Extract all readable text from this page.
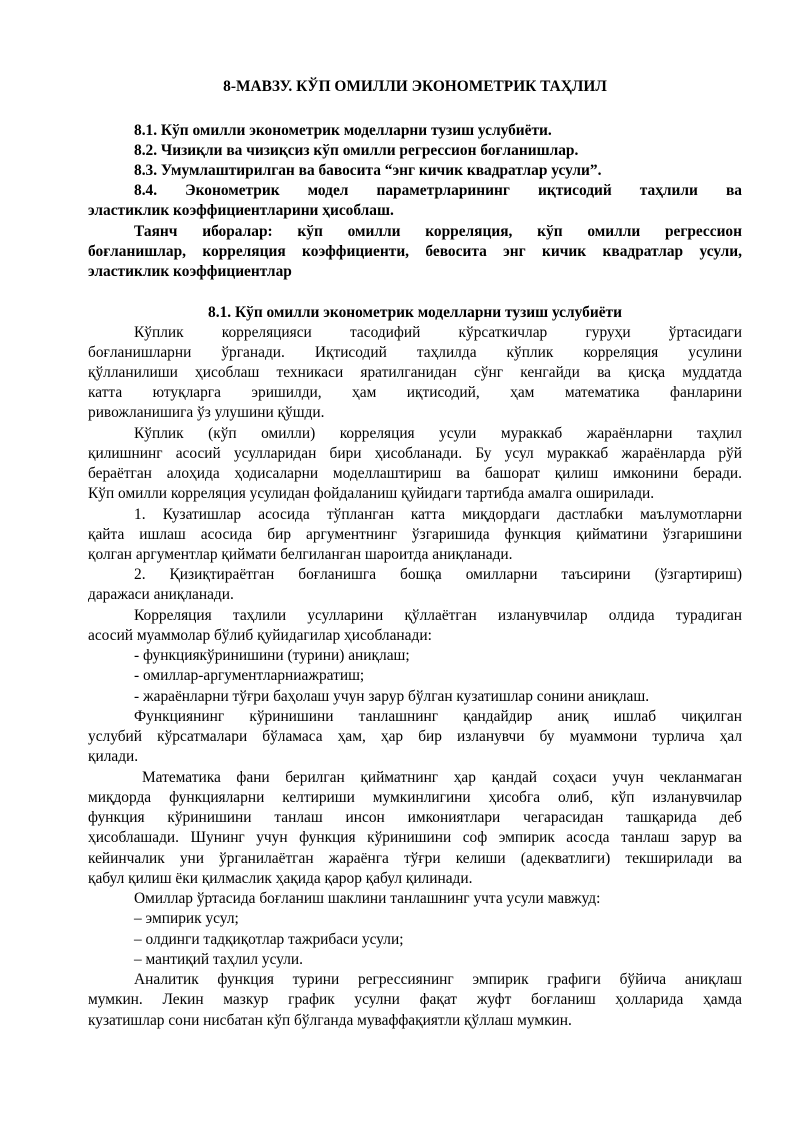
8-МАВЗУ. КЎП ОМИЛЛИ ЭКОНОМЕТРИК ТАҲЛИЛ
8.1. Кўп омилли эконометрик моделларни тузиш услубиёти.
8.2. Чизиқли ва чизиқсиз кўп омилли регрессион боғланишлар.
8.3. Умумлаштирилган ва бавосита “энг кичик квадратлар усули”.
8.4. Эконометрик модел параметрларининг иқтисодий таҳлили ва
эластиклик коэффициентларини ҳисоблаш.
Таянч иборалар: кўп омилли корреляция, кўп омилли регрессион
боғланишлар, корреляция коэффициенти, бевосита энг кичик квадратлар усули,
эластиклик коэффициентлар
8.1. Кўп омилли эконометрик моделларни тузиш услубиёти
Кўплик корреляцияси тасодифий кўрсаткичлар гуруҳи ўртасидаги
боғланишларни ўрганади. Иқтисодий таҳлилда кўплик корреляция усулини
қўлланилиши ҳисоблаш техникаси яратилганидан сўнг кенгайди ва қисқа муддатда
катта ютуқларга эришилди, ҳам иқтисодий, ҳам математика фанларини
ривожланишига ўз улушини қўшди.
Кўплик (кўп омилли) корреляция усули мураккаб жараёнларни таҳлил
қилишнинг асосий усулларидан бири ҳисобланади. Бу усул мураккаб жараёнларда рўй
бераётган алоҳида ҳодисаларни моделлаштириш ва башорат қилиш имконини беради.
Кўп омилли корреляция усулидан фойдаланиш қуйидаги тартибда амалга оширилади.
1. Кузатишлар асосида тўпланган катта миқдордаги дастлабки маълумотларни
қайта ишлаш асосида бир аргументнинг ўзгаришида функция қийматини ўзгаришини
қолган аргументлар қиймати белгиланган шароитда аниқланади.
2. Қизиқтираётган боғланишга бошқа омилларни таъсирини (ўзгартириш)
даражаси аниқланади.
Корреляция таҳлили усулларини қўллаётган изланувчилар олдида турадиган
асосий муаммолар бўлиб қуйидагилар ҳисобланади:
- функциякўринишини (турини) аниқлаш;
- омиллар-аргументларниажратиш;
- жараёнларни тўғри баҳолаш учун зарур бўлган кузатишлар сонини аниқлаш.
Функциянинг кўринишини танлашнинг қандайдир аниқ ишлаб чиқилган
услубий кўрсатмалари бўламаса ҳам, ҳар бир изланувчи бу муаммони турлича ҳал
қилади.
Математика фани берилган қийматнинг ҳар қандай соҳаси учун чекланмаган
миқдорда функцияларни келтириши мумкинлигини ҳисобга олиб, кўп изланувчилар
функция кўринишини танлаш инсон имкониятлари чегарасидан ташқарида деб
ҳисоблашади. Шунинг учун функция кўринишини соф эмпирик асосда танлаш зарур ва
кейинчалик уни ўрганилаётган жараёнга тўғри келиши (адекватлиги) текширилади ва
қабул қилиш ёки қилмаслик ҳақида қарор қабул қилинади.
Омиллар ўртасида боғланиш шаклини танлашнинг учта усули мавжуд:
– эмпирик усул;
– олдинги тадқиқотлар тажрибаси усули;
– мантиқий таҳлил усули.
Аналитик функция турини регрессиянинг эмпирик графиги бўйича аниқлаш
мумкин. Лекин мазкур график усулни фақат жуфт боғланиш ҳолларида ҳамда
кузатишлар сони нисбатан кўп бўлганда муваффақиятли қўллаш мумкин.
